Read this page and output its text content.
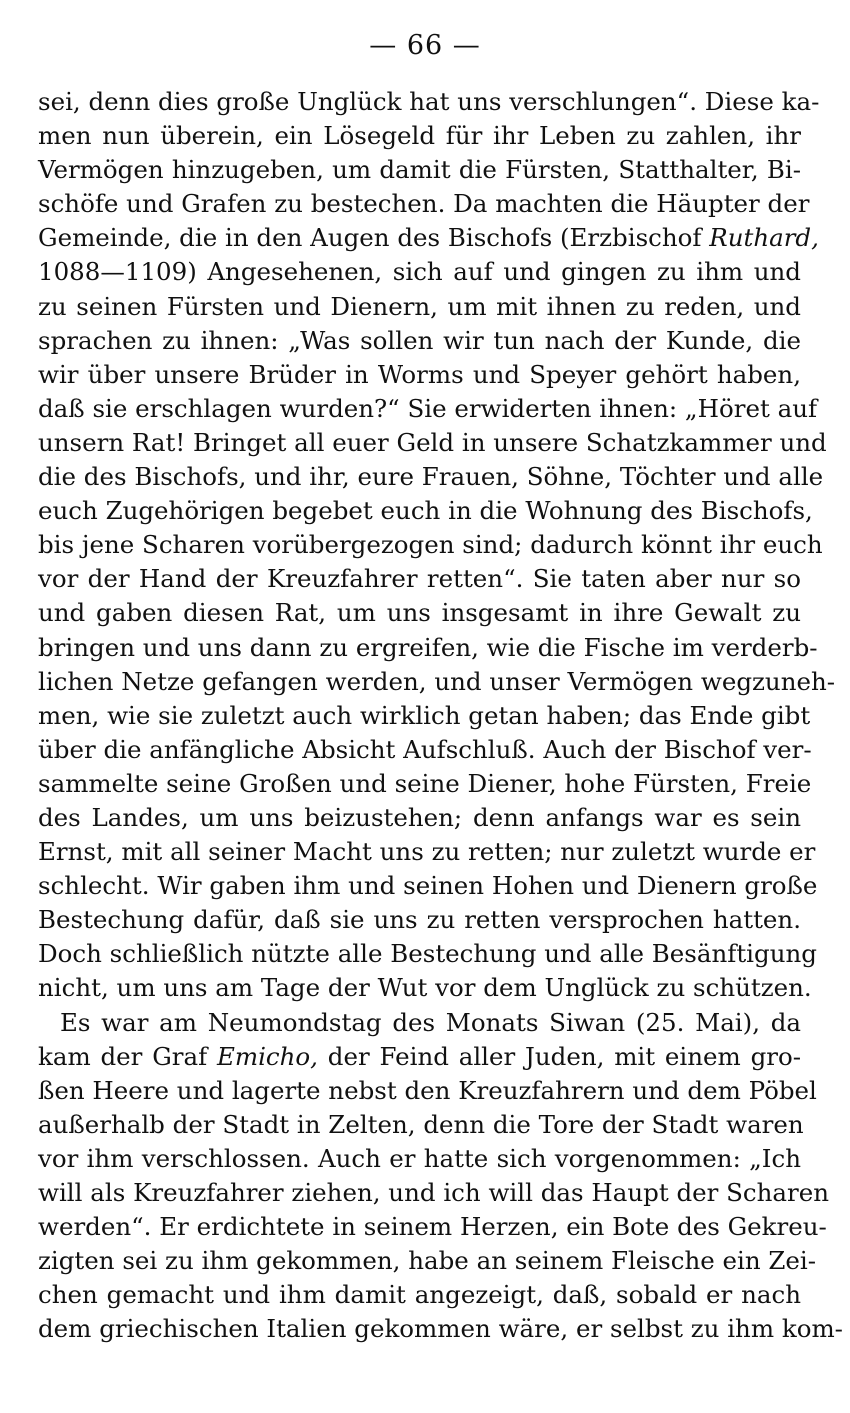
— 66 —
sei, denn dies große Unglück hat uns verschlungen“. Diese ka-
men nun überein, ein Lösegeld für ihr Leben zu zahlen, ihr
Vermögen hinzugeben, um damit die Fürsten, Statthalter, Bi-
schöfe und Grafen zu bestechen. Da machten die Häupter der
Gemeinde, die in den Augen des Bischofs (Erzbischof Ruthard,
1088—1109) Angesehenen, sich auf und gingen zu ihm und
zu seinen Fürsten und Dienern, um mit ihnen zu reden, und
sprachen zu ihnen: „Was sollen wir tun nach der Kunde, die
wir über unsere Brüder in Worms und Speyer gehört haben,
daß sie erschlagen wurden?“ Sie erwiderten ihnen: „Höret auf
unsern Rat! Bringet all euer Geld in unsere Schatzkammer und
die des Bischofs, und ihr, eure Frauen, Söhne, Töchter und alle
euch Zugehörigen begebet euch in die Wohnung des Bischofs,
bis jene Scharen vorübergezogen sind; dadurch könnt ihr euch
vor der Hand der Kreuzfahrer retten“. Sie taten aber nur so
und gaben diesen Rat, um uns insgesamt in ihre Gewalt zu
bringen und uns dann zu ergreifen, wie die Fische im verderb-
lichen Netze gefangen werden, und unser Vermögen wegzuneh-
men, wie sie zuletzt auch wirklich getan haben; das Ende gibt
über die anfängliche Absicht Aufschluß. Auch der Bischof ver-
sammelte seine Großen und seine Diener, hohe Fürsten, Freie
des Landes, um uns beizustehen; denn anfangs war es sein
Ernst, mit all seiner Macht uns zu retten; nur zuletzt wurde er
schlecht. Wir gaben ihm und seinen Hohen und Dienern große
Bestechung dafür, daß sie uns zu retten versprochen hatten.
Doch schließlich nützte alle Bestechung und alle Besänftigung
nicht, um uns am Tage der Wut vor dem Unglück zu schützen.
Es war am Neumondstag des Monats Siwan (25. Mai), da
kam der Graf Emicho, der Feind aller Juden, mit einem gro-
ßen Heere und lagerte nebst den Kreuzfahrern und dem Pöbel
außerhalb der Stadt in Zelten, denn die Tore der Stadt waren
vor ihm verschlossen. Auch er hatte sich vorgenommen: „Ich
will als Kreuzfahrer ziehen, und ich will das Haupt der Scharen
werden“. Er erdichtete in seinem Herzen, ein Bote des Gekreu-
zigten sei zu ihm gekommen, habe an seinem Fleische ein Zei-
chen gemacht und ihm damit angezeigt, daß, sobald er nach
dem griechischen Italien gekommen wäre, er selbst zu ihm kom-
